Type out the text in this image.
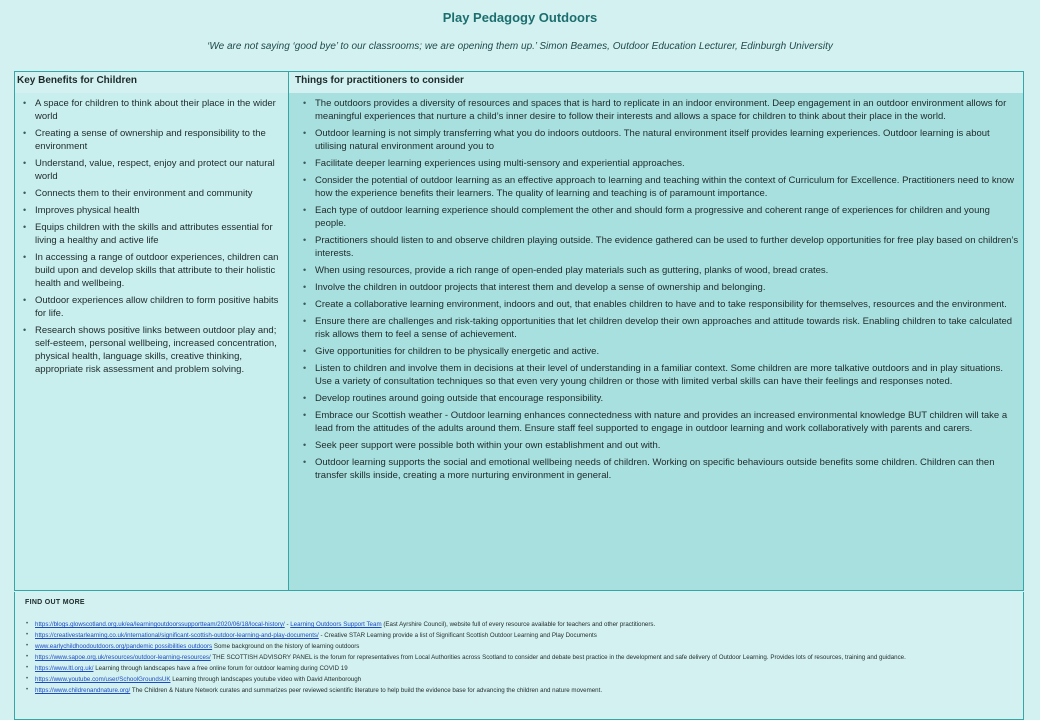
Play Pedagogy Outdoors
‘We are not saying ‘good bye’ to our classrooms; we are opening them up.’ Simon Beames, Outdoor Education Lecturer, Edinburgh University
Key Benefits for Children	Things for practitioners to consider
• A space for children to think about their place in the wider world
• Creating a sense of ownership and responsibility to the environment
• Understand, value, respect, enjoy and protect our natural world
• Connects them to their environment and community
• Improves physical health
• Equips children with the skills and attributes essential for living a healthy and active life
• In accessing a range of outdoor experiences, children can build upon and develop skills that attribute to their holistic health and wellbeing.
• Outdoor experiences allow children to form positive habits for life.
• Research shows positive links between outdoor play and; self-esteem, personal wellbeing, increased concentration, physical health, language skills, creative thinking, appropriate risk assessment and problem solving.
• The outdoors provides a diversity of resources and spaces that is hard to replicate in an indoor environment. Deep engagement in an outdoor environment allows for meaningful experiences that nurture a child’s inner desire to follow their interests and allows a space for children to think about their place in the world.
• Outdoor learning is not simply transferring what you do indoors outdoors. The natural environment itself provides learning experiences. Outdoor learning is about utilising natural environment around you to
• Facilitate deeper learning experiences using multi-sensory and experiential approaches.
• Consider the potential of outdoor learning as an effective approach to learning and teaching within the context of Curriculum for Excellence. Practitioners need to know how the experience benefits their learners. The quality of learning and teaching is of paramount importance.
• Each type of outdoor learning experience should complement the other and should form a progressive and coherent range of experiences for children and young people.
• Practitioners should listen to and observe children playing outside. The evidence gathered can be used to further develop opportunities for free play based on children’s interests.
• When using resources, provide a rich range of open-ended play materials such as guttering, planks of wood, bread crates.
• Involve the children in outdoor projects that interest them and develop a sense of ownership and belonging.
• Create a collaborative learning environment, indoors and out, that enables children to have and to take responsibility for themselves, resources and the environment.
• Ensure there are challenges and risk-taking opportunities that let children develop their own approaches and attitude towards risk. Enabling children to take calculated risk allows them to feel a sense of achievement.
• Give opportunities for children to be physically energetic and active.
• Listen to children and involve them in decisions at their level of understanding in a familiar context. Some children are more talkative outdoors and in play situations. Use a variety of consultation techniques so that even very young children or those with limited verbal skills can have their feelings and responses noted.
• Develop routines around going outside that encourage responsibility.
• Embrace our Scottish weather - Outdoor learning enhances connectedness with nature and provides an increased environmental knowledge BUT children will take a lead from the attitudes of the adults around them. Ensure staff feel supported to engage in outdoor learning and work collaboratively with parents and carers.
• Seek peer support were possible both within your own establishment and out with.
• Outdoor learning supports the social and emotional wellbeing needs of children. Working on specific behaviours outside benefits some children. Children can then transfer skills inside, creating a more nurturing environment in general.
FIND OUT MORE
• https://blogs.glowscotland.org.uk/ea/learningoutdoorssupportteam/2020/06/18/local-history/ - Learning Outdoors Support Team (East Ayrshire Council), website full of every resource available for teachers and other practitioners.
• https://creativestarlearning.co.uk/international/significant-scottish-outdoor-learning-and-play-documents/ - Creative STAR Learning provide a list of Significant Scottish Outdoor Learning and Play Documents
• www.earlychildhoodoutdoors.org/pandemic possibilities outdoors Some background on the history of learning outdoors
• https://www.sapoe.org.uk/resources/outdoor-learning-resources/ THE SCOTTISH ADVISORY PANEL is the forum for representatives from Local Authorities across Scotland to consider and debate best practice in the development and safe delivery of Outdoor Learning. Provides lots of resources, training and guidance.
• https://www.ltl.org.uk/ Learning through landscapes have a free online forum for outdoor learning during COVID 19
• https://www.youtube.com/user/SchoolGroundsUK Learning through landscapes youtube video with David Attenborough
• https://www.childrenandnature.org/ The Children & Nature Network curates and summarizes peer reviewed scientific literature to help build the evidence base for advancing the children and nature movement.
